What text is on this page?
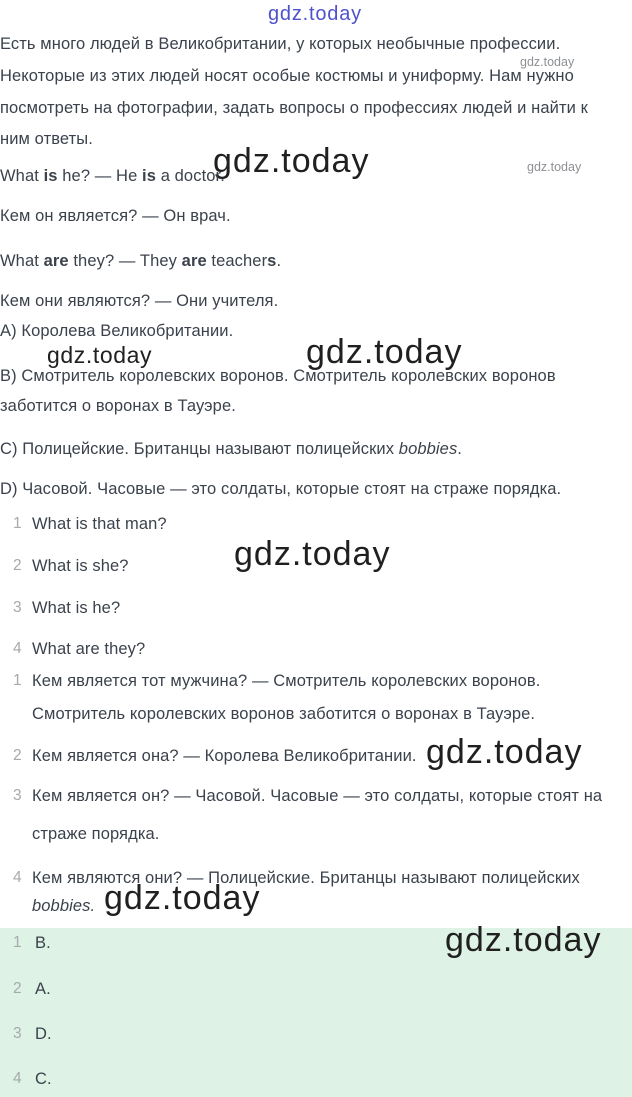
gdz.today
gdz.today
gdz.today	gdz.today
gdz.today	gdz.today
gdz.today
gdz.today
gdz.today
gdz.today
Есть много людей в Великобритании, у которых необычные профессии.
Некоторые из этих людей носят особые костюмы и униформу. Нам нужно
посмотреть на фотографии, задать вопросы о профессиях людей и найти к
ним ответы.
What is he? — He is a doctor.
Кем он является? — Он врач.
What are they? — They are teachers.
Кем они являются? — Они учителя.
A) Королева Великобритании.
B) Смотритель королевских воронов. Смотритель королевских воронов
заботится о воронах в Тауэре.
C) Полицейские. Британцы называют полицейских bobbies.
D) Часовой. Часовые — это солдаты, которые стоят на страже порядка.
1 What is that man?
2 What is she?
3 What is he?
4 What are they?
1 Кем является тот мужчина? — Смотритель королевских воронов.
Смотритель королевских воронов заботится о воронах в Тауэре.
2 Кем является она? — Королева Великобритании.
3 Кем является он? — Часовой. Часовые — это солдаты, которые стоят на
страже порядка.
4 Кем являются они? — Полицейские. Британцы называют полицейских
bobbies.
1 B.
2 A.
3 D.
4 C.
